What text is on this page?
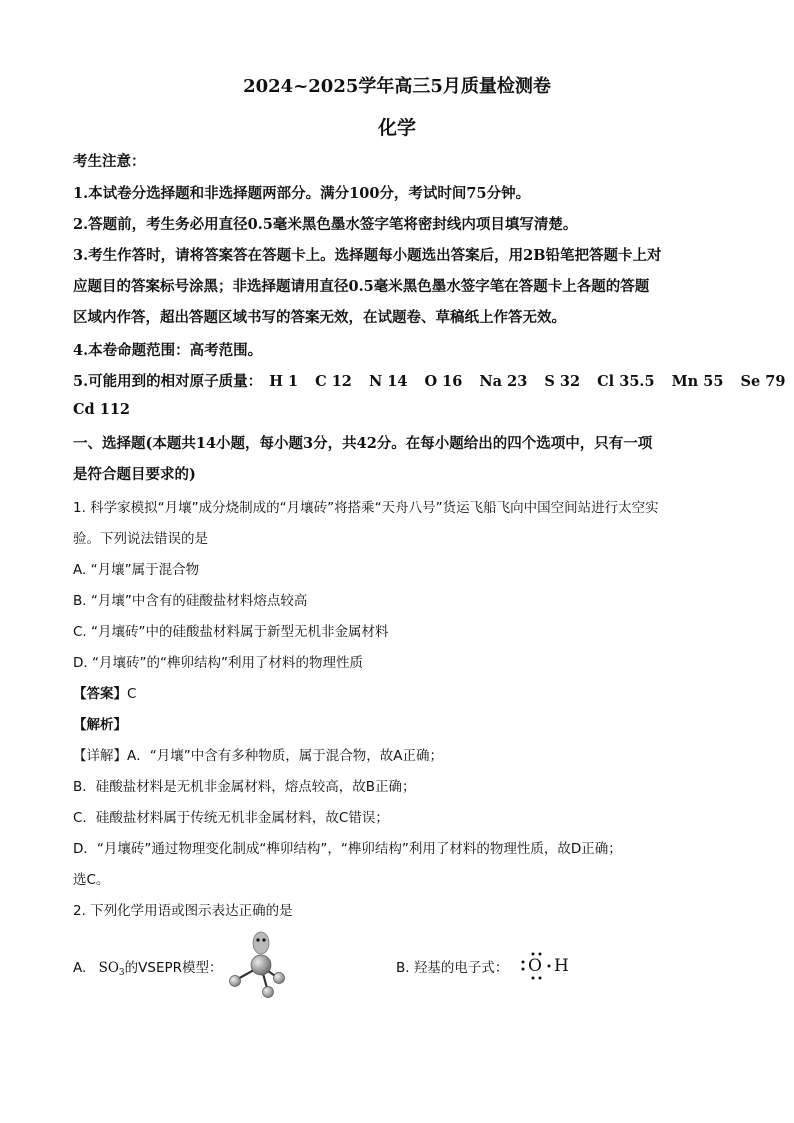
2024~2025学年高三5月质量检测卷
化学
考生注意：
1.本试卷分选择题和非选择题两部分。满分100分，考试时间75分钟。
2.答题前，考生务必用直径0.5毫米黑色墨水签字笔将密封线内项目填写清楚。
3.考生作答时，请将答案答在答题卡上。选择题每小题选出答案后，用2B铅笔把答题卡上对
应题目的答案标号涂黑；非选择题请用直径0.5毫米黑色墨水签字笔在答题卡上各题的答题
区域内作答，超出答题区域书写的答案无效，在试题卷、草稿纸上作答无效。
4.本卷命题范围：高考范围。
5.可能用到的相对原子质量： H 1 C 12 N 14 O 16 Na 23 S 32 Cl 35.5 Mn 55 Se 79
Cd 112
一、选择题(本题共14小题，每小题3分，共42分。在每小题给出的四个选项中，只有一项
是符合题目要求的)
1. 科学家模拟“月壤”成分烧制成的“月壤砖”将搭乘“天舟八号”货运飞船飞向中国空间站进行太空实
验。下列说法错误的是
A. “月壤”属于混合物
B. “月壤”中含有的硅酸盐材料熔点较高
C. “月壤砖”中的硅酸盐材料属于新型无机非金属材料
D. “月壤砖”的“榫卯结构”利用了材料的物理性质
【答案】C
【解析】
【详解】A．“月壤”中含有多种物质，属于混合物，故A正确；
B．硅酸盐材料是无机非金属材料，熔点较高，故B正确；
C．硅酸盐材料属于传统无机非金属材料，故C错误；
D．“月壤砖”通过物理变化制成“榫卯结构”，“榫卯结构”利用了材料的物理性质，故D正确；
选C。
2. 下列化学用语或图示表达正确的是
A. $SO_3$的VSEPR模型：	B. 羟基的电子式：	O H
